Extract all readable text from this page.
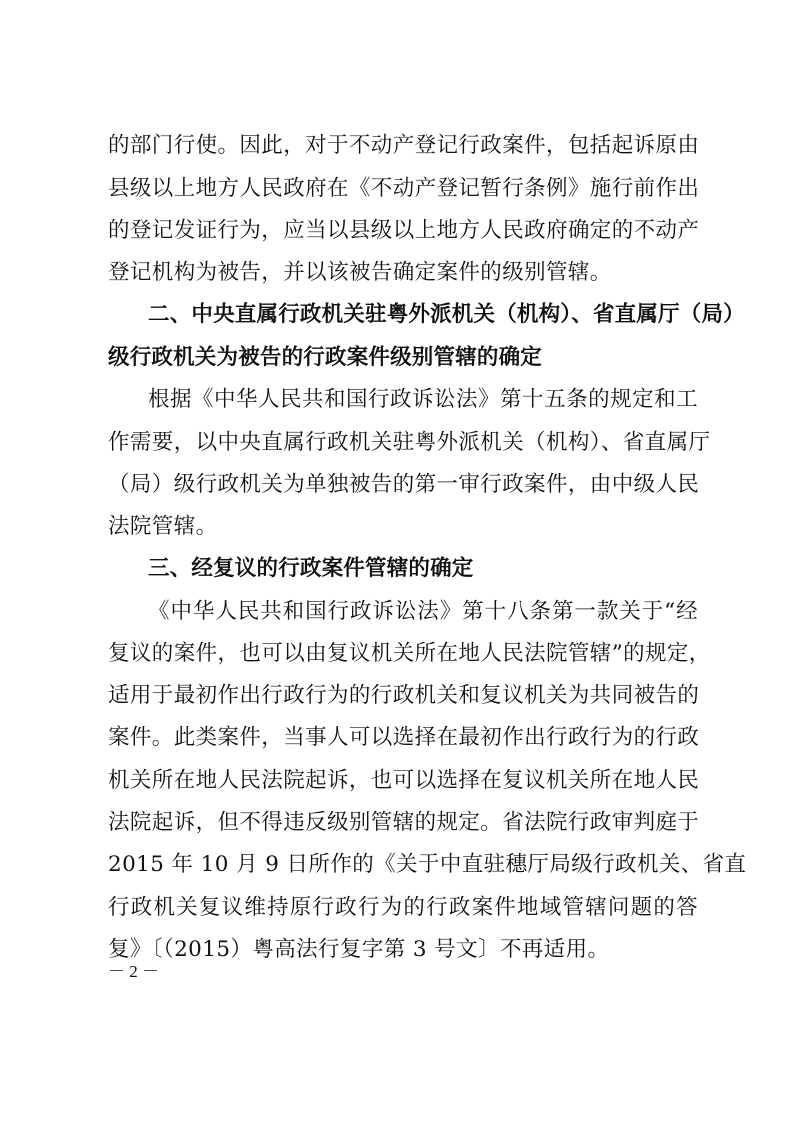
的部门行使。因此，对于不动产登记行政案件，包括起诉原由
县级以上地方人民政府在《不动产登记暂行条例》施行前作出
的登记发证行为，应当以县级以上地方人民政府确定的不动产
登记机构为被告，并以该被告确定案件的级别管辖。
二、中央直属行政机关驻粤外派机关（机构）、省直属厅（局）
级行政机关为被告的行政案件级别管辖的确定
根据《中华人民共和国行政诉讼法》第十五条的规定和工
作需要，以中央直属行政机关驻粤外派机关（机构）、省直属厅
（局）级行政机关为单独被告的第一审行政案件，由中级人民
法院管辖。
三、经复议的行政案件管辖的确定
《中华人民共和国行政诉讼法》第十八条第一款关于“经
复议的案件，也可以由复议机关所在地人民法院管辖”的规定，
适用于最初作出行政行为的行政机关和复议机关为共同被告的
案件。此类案件，当事人可以选择在最初作出行政行为的行政
机关所在地人民法院起诉，也可以选择在复议机关所在地人民
法院起诉，但不得违反级别管辖的规定。省法院行政审判庭于
2015 年 10 月 9 日所作的《关于中直驻穗厅局级行政机关、省直
行政机关复议维持原行政行为的行政案件地域管辖问题的答
复》〔（2015）粤高法行复字第 3 号文〕不再适用。
－ 2 －
